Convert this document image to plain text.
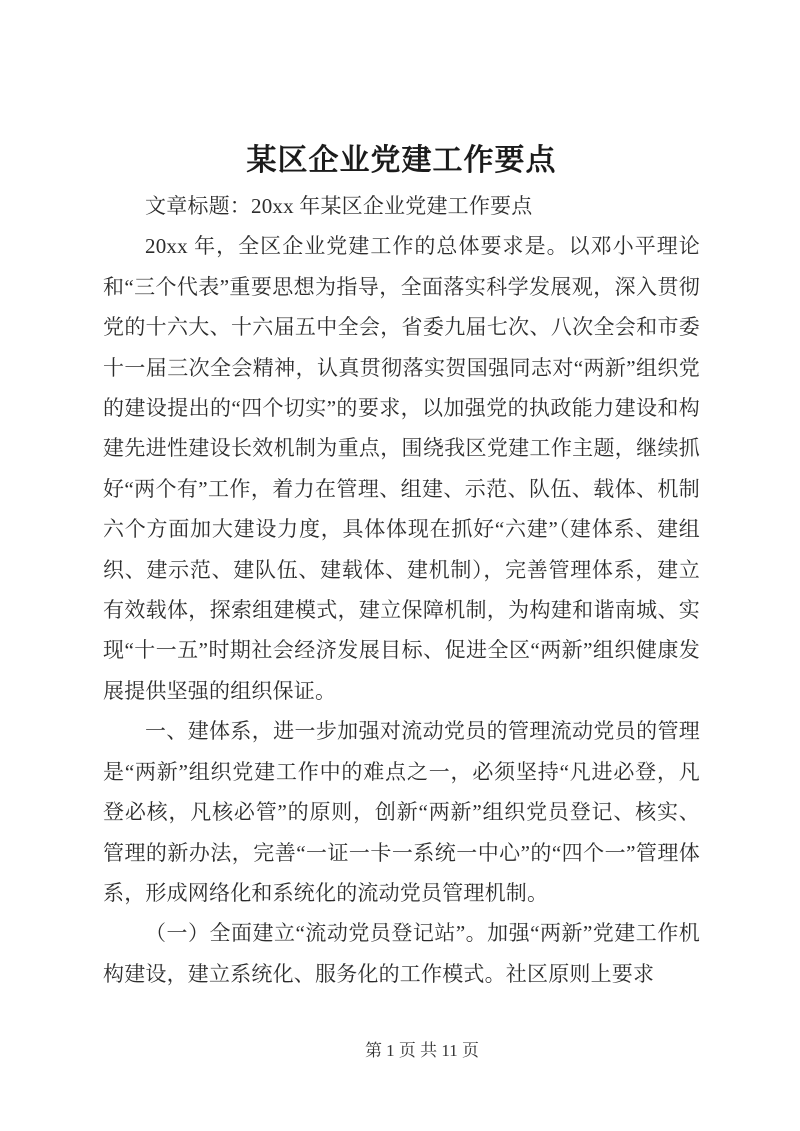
某区企业党建工作要点

文章标题：20xx 年某区企业党建工作要点

20xx 年，全区企业党建工作的总体要求是。以邓小平理论和“三个代表”重要思想为指导，全面落实科学发展观，深入贯彻党的十六大、十六届五中全会，省委九届七次、八次全会和市委十一届三次全会精神，认真贯彻落实贺国强同志对“两新”组织党的建设提出的“四个切实”的要求，以加强党的执政能力建设和构建先进性建设长效机制为重点，围绕我区党建工作主题，继续抓好“两个有”工作，着力在管理、组建、示范、队伍、载体、机制六个方面加大建设力度，具体体现在抓好“六建”（建体系、建组织、建示范、建队伍、建载体、建机制），完善管理体系，建立有效载体，探索组建模式，建立保障机制，为构建和谐南城、实现“十一五”时期社会经济发展目标、促进全区“两新”组织健康发展提供坚强的组织保证。

一、建体系，进一步加强对流动党员的管理流动党员的管理是“两新”组织党建工作中的难点之一，必须坚持“凡进必登，凡登必核，凡核必管”的原则，创新“两新”组织党员登记、核实、管理的新办法，完善“一证一卡一系统一中心”的“四个一”管理体系，形成网络化和系统化的流动党员管理机制。

（一）全面建立“流动党员登记站”。加强“两新”党建工作机构建设，建立系统化、服务化的工作模式。社区原则上要求

第 1 页 共 11 页
